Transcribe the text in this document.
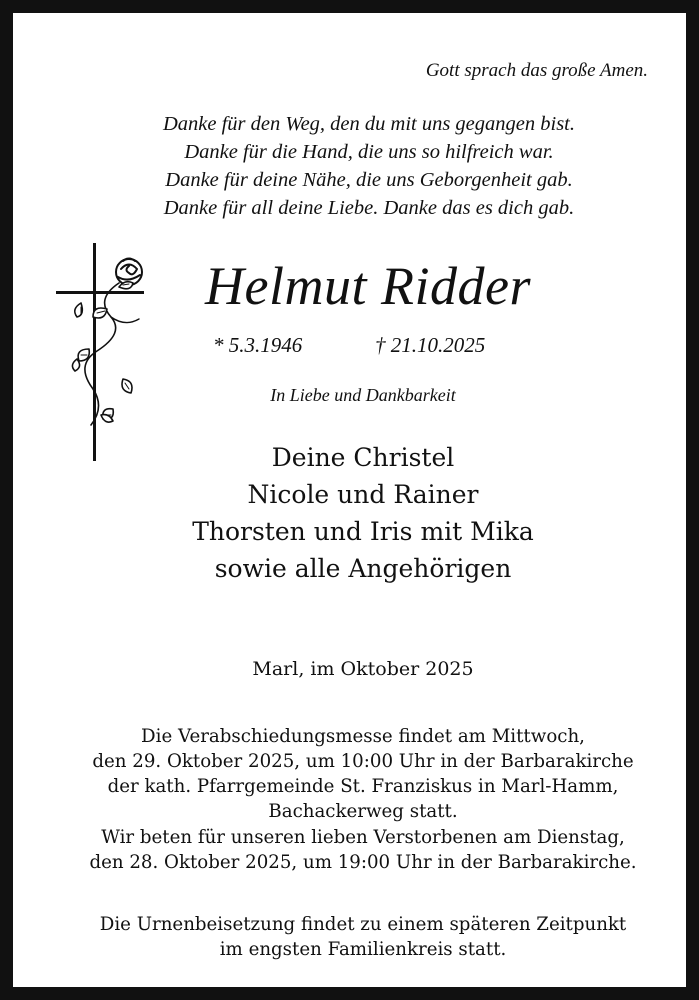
Gott sprach das große Amen.
Danke für den Weg, den du mit uns gegangen bist.
Danke für die Hand, die uns so hilfreich war.
Danke für deine Nähe, die uns Geborgenheit gab.
Danke für all deine Liebe. Danke das es dich gab.
Helmut Ridder
* 5.3.1946	† 21.10.2025
In Liebe und Dankbarkeit
Deine Christel
Nicole und Rainer
Thorsten und Iris mit Mika
sowie alle Angehörigen
Marl, im Oktober 2025
Die Verabschiedungsmesse findet am Mittwoch,
den 29. Oktober 2025, um 10:00 Uhr in der Barbarakirche
der kath. Pfarrgemeinde St. Franziskus in Marl-Hamm,
Bachackerweg statt.
Wir beten für unseren lieben Verstorbenen am Dienstag,
den 28. Oktober 2025, um 19:00 Uhr in der Barbarakirche.
Die Urnenbeisetzung findet zu einem späteren Zeitpunkt
im engsten Familienkreis statt.
